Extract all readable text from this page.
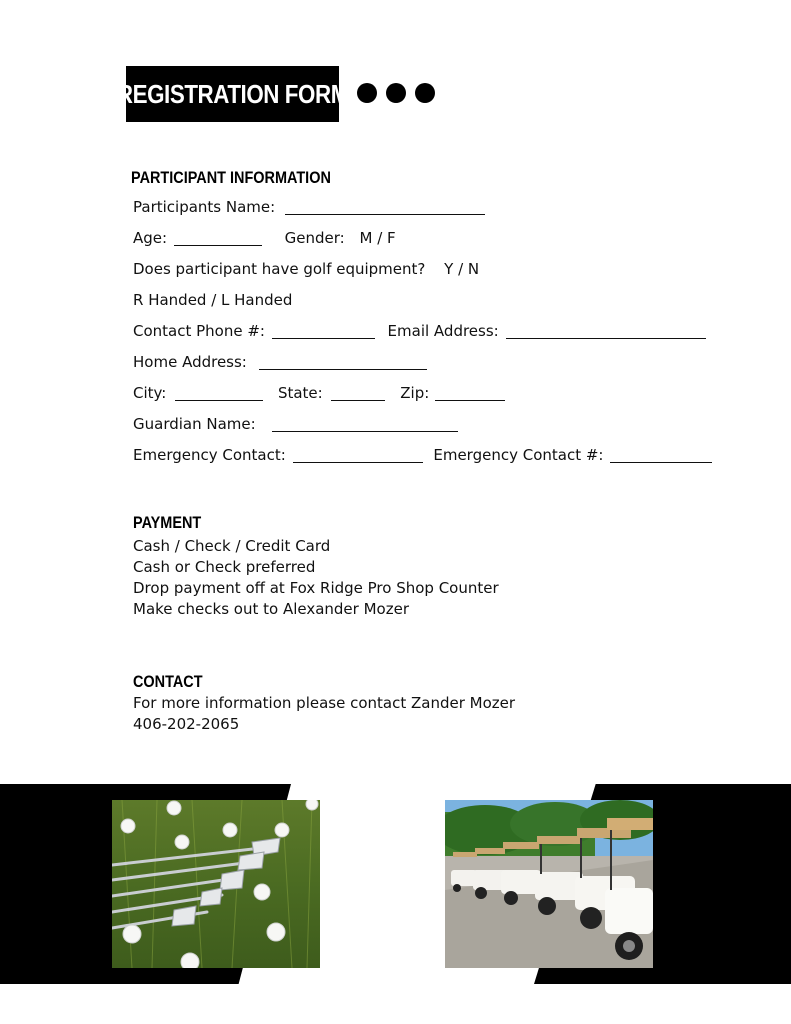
REGISTRATION FORM
PARTICIPANT INFORMATION
Participants Name:
Age:	Gender: M / F
Does participant have golf equipment? Y / N
R Handed / L Handed
Contact Phone #:	Email Address:
Home Address:
City:	State:	Zip:
Guardian Name:
Emergency Contact:	Emergency Contact #:
PAYMENT
Cash / Check / Credit Card
Cash or Check preferred
Drop payment off at Fox Ridge Pro Shop Counter
Make checks out to Alexander Mozer
CONTACT
For more information please contact Zander Mozer
406-202-2065
